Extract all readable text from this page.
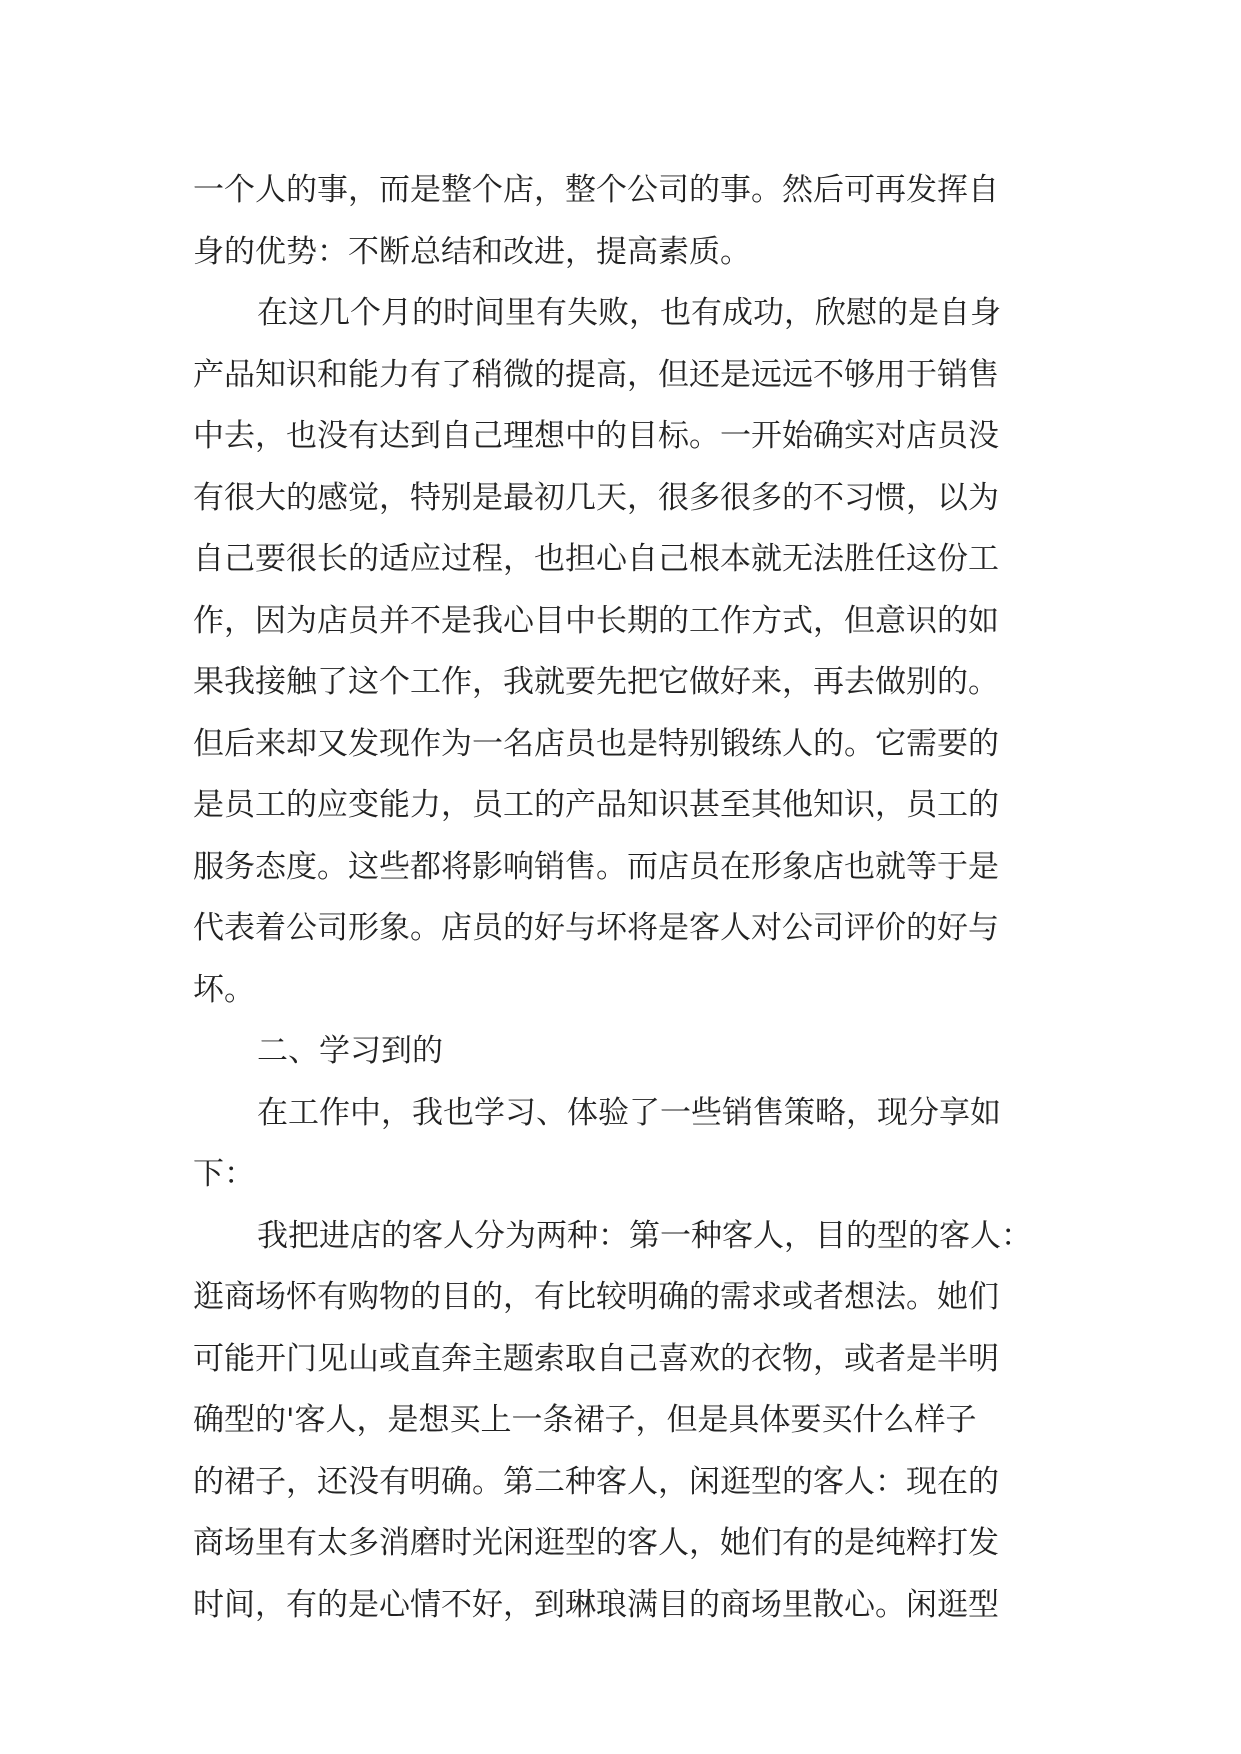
一个人的事，而是整个店，整个公司的事。然后可再发挥自
身的优势：不断总结和改进，提高素质。
在这几个月的时间里有失败，也有成功，欣慰的是自身
产品知识和能力有了稍微的提高，但还是远远不够用于销售
中去，也没有达到自己理想中的目标。一开始确实对店员没
有很大的感觉，特别是最初几天，很多很多的不习惯，以为
自己要很长的适应过程，也担心自己根本就无法胜任这份工
作，因为店员并不是我心目中长期的工作方式，但意识的如
果我接触了这个工作，我就要先把它做好来，再去做别的。
但后来却又发现作为一名店员也是特别锻练人的。它需要的
是员工的应变能力，员工的产品知识甚至其他知识，员工的
服务态度。这些都将影响销售。而店员在形象店也就等于是
代表着公司形象。店员的好与坏将是客人对公司评价的好与
坏。
二、学习到的
在工作中，我也学习、体验了一些销售策略，现分享如
下：
我把进店的客人分为两种：第一种客人，目的型的客人：
逛商场怀有购物的目的，有比较明确的需求或者想法。她们
可能开门见山或直奔主题索取自己喜欢的衣物，或者是半明
确型的'客人，是想买上一条裙子，但是具体要买什么样子
的裙子，还没有明确。第二种客人，闲逛型的客人：现在的
商场里有太多消磨时光闲逛型的客人，她们有的是纯粹打发
时间，有的是心情不好，到琳琅满目的商场里散心。闲逛型
